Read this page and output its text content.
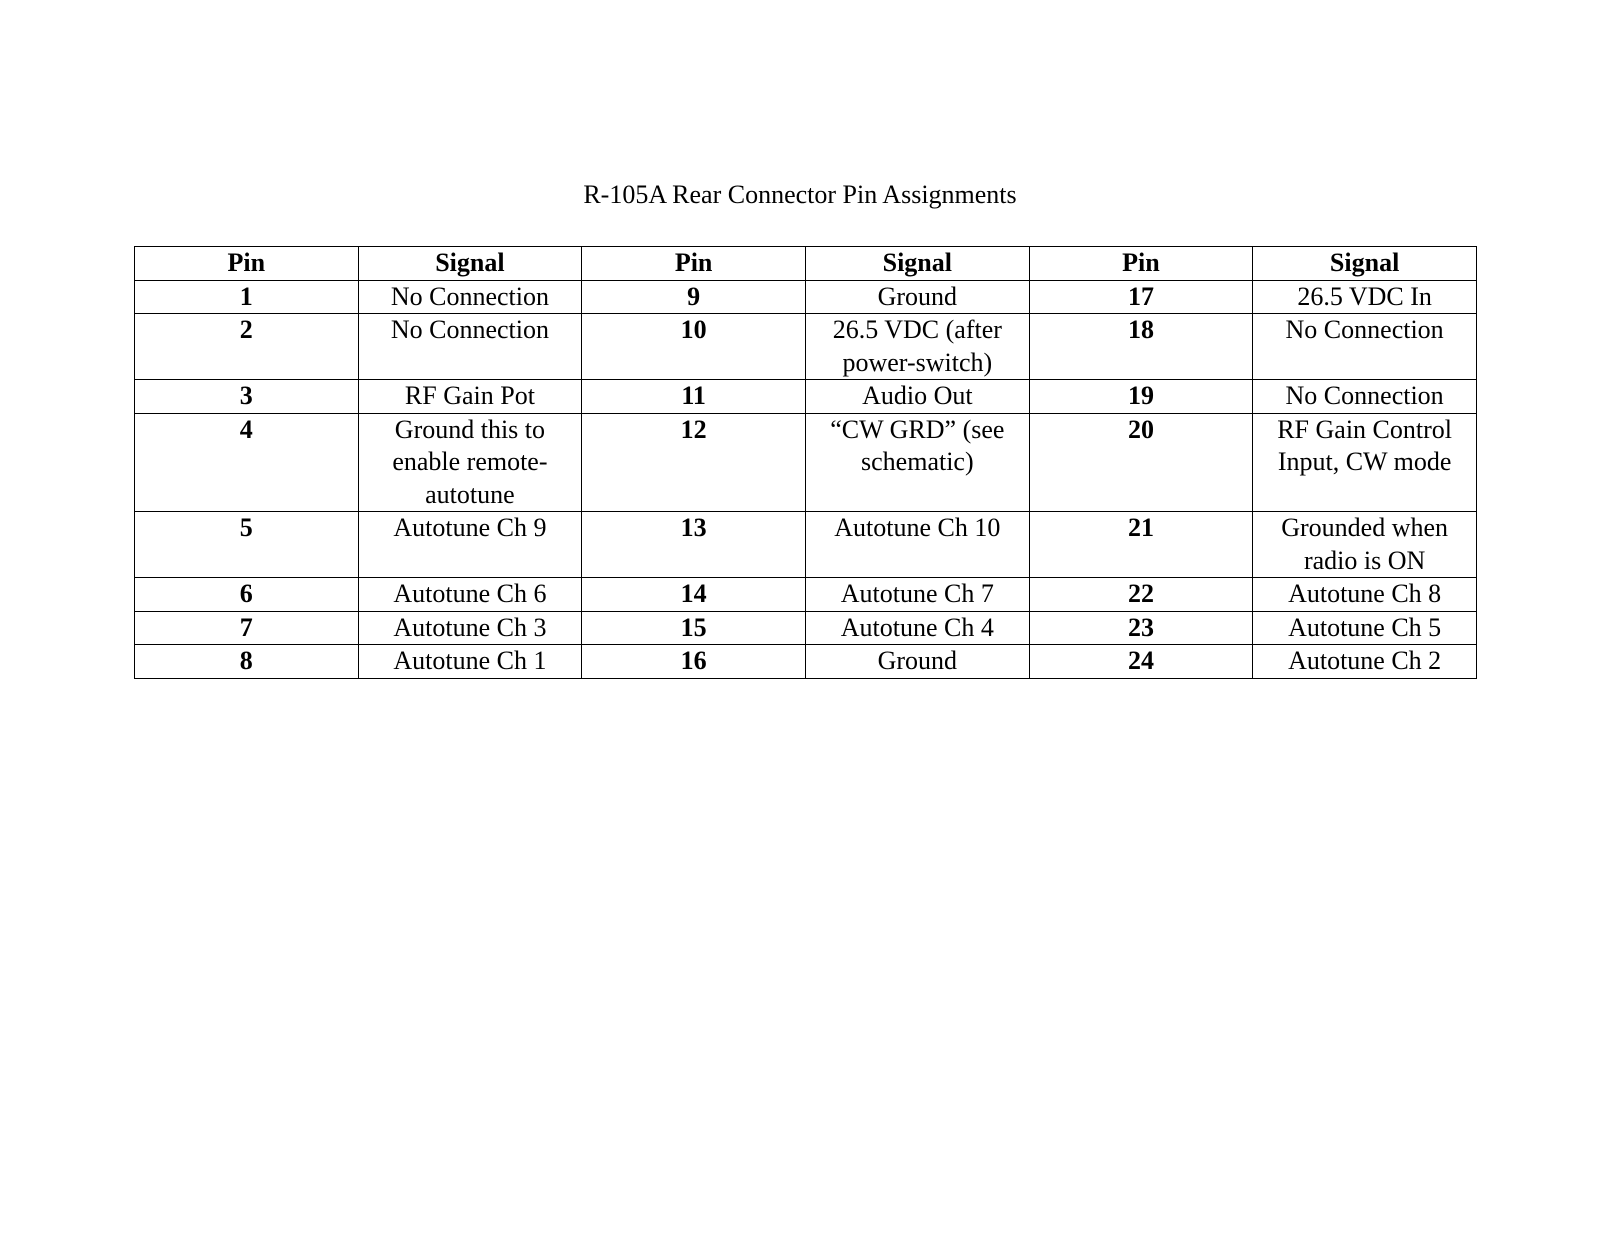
R-105A Rear Connector Pin Assignments
Pin	Signal	Pin	Signal	Pin	Signal
1	No Connection	9	Ground	17	26.5 VDC In
2	No Connection	10	26.5 VDC (after power-switch)	18	No Connection
3	RF Gain Pot	11	Audio Out	19	No Connection
4	Ground this to enable remote-autotune	12	“CW GRD” (see schematic)	20	RF Gain Control Input, CW mode
5	Autotune Ch 9	13	Autotune Ch 10	21	Grounded when radio is ON
6	Autotune Ch 6	14	Autotune Ch 7	22	Autotune Ch 8
7	Autotune Ch 3	15	Autotune Ch 4	23	Autotune Ch 5
8	Autotune Ch 1	16	Ground	24	Autotune Ch 2
